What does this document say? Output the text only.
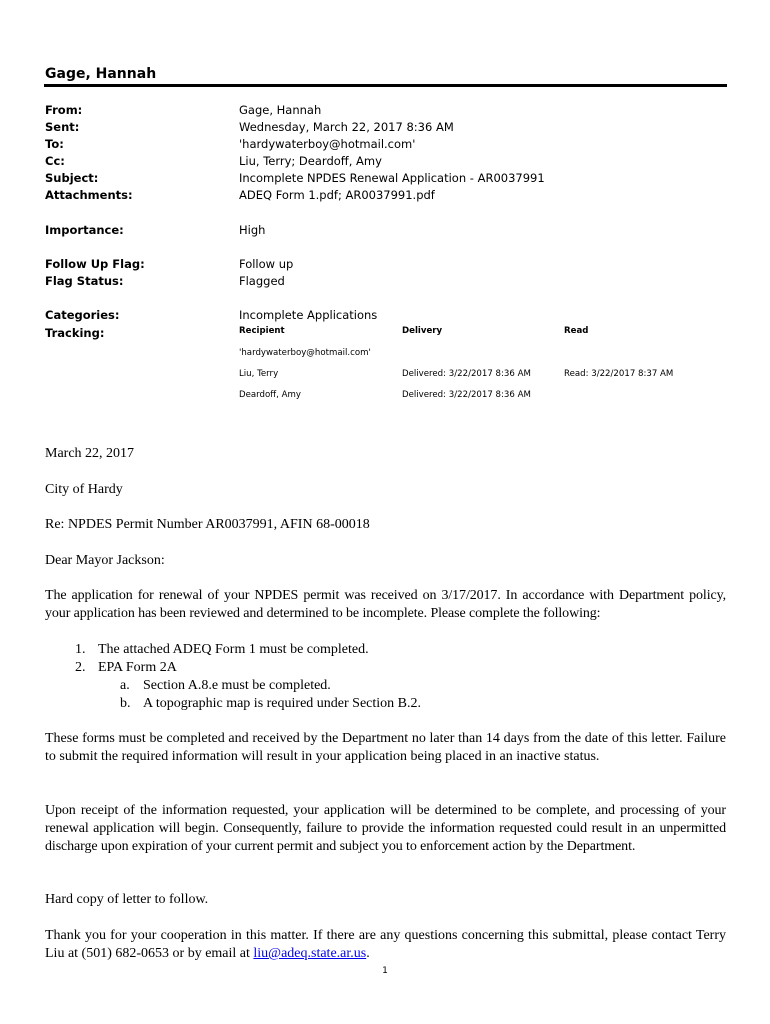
Gage, Hannah
From:	Gage, Hannah
Sent:	Wednesday, March 22, 2017 8:36 AM
To:	'hardywaterboy@hotmail.com'
Cc:	Liu, Terry; Deardoff, Amy
Subject:	Incomplete NPDES Renewal Application - AR0037991
Attachments:	ADEQ Form 1.pdf; AR0037991.pdf
Importance:	High
Follow Up Flag:	Follow up
Flag Status:	Flagged
Categories:	Incomplete Applications
Tracking:	Recipient	Delivery	Read
'hardywaterboy@hotmail.com'
Liu, Terry	Delivered: 3/22/2017 8:36 AM	Read: 3/22/2017 8:37 AM
Deardoff, Amy	Delivered: 3/22/2017 8:36 AM
March 22, 2017
City of Hardy
Re: NPDES Permit Number AR0037991, AFIN 68-00018
Dear Mayor Jackson:

The application for renewal of your NPDES permit was received on 3/17/2017. In accordance with Department policy, your application has been reviewed and determined to be incomplete. Please complete the following:

1. The attached ADEQ Form 1 must be completed.
2. EPA Form 2A
a. Section A.8.e must be completed.
b. A topographic map is required under Section B.2.

These forms must be completed and received by the Department no later than 14 days from the date of this letter. Failure to submit the required information will result in your application being placed in an inactive status.

Upon receipt of the information requested, your application will be determined to be complete, and processing of your renewal application will begin. Consequently, failure to provide the information requested could result in an unpermitted discharge upon expiration of your current permit and subject you to enforcement action by the Department.

Hard copy of letter to follow.

Thank you for your cooperation in this matter. If there are any questions concerning this submittal, please contact Terry Liu at (501) 682-0653 or by email at liu@adeq.state.ar.us.

1
